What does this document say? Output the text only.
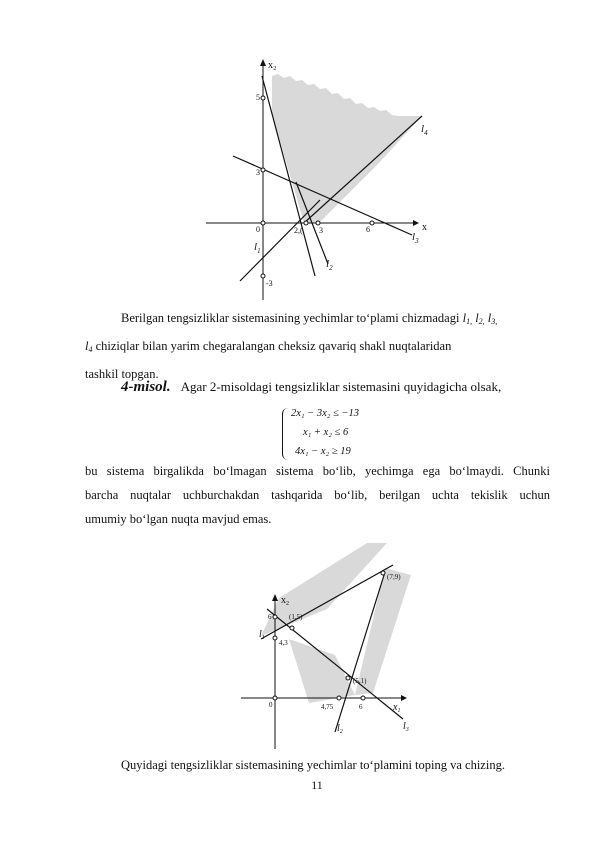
x₂
x
5
3
-3
0	2,( 3	6
$l_1$
$l_2$
$l_3$
$l_4$

Berilgan tengsizliklar sistemasining yechimlar to‘plami chizmadagi $l_{1,}$ $l_{2,}$ $l_{3,}$
$l_4$ chiziqlar bilan yarim chegaralangan cheksiz qavariq shakl nuqtalaridan
tashkil topgan.

4-misol. Agar 2-misoldagi tengsizliklar sistemasini quyidagicha olsak,
2x₁ − 3x₂ ≤ −13
x₁ + x₂ ≤ 6
4x₁ − x₂ ≥ 19

bu sistema birgalikda bo‘lmagan sistema bo‘lib, yechimga ega bo‘lmaydi. Chunki
barcha nuqtalar uchburchakdan tashqarida bo‘lib, berilgan uchta tekislik uchun
umumiy bo‘lgan nuqta mavjud emas.

$x_2$
$x_1$
6
4,3
0	4,75	6
(1,5)
(7;9)
(5,1)
$l_1$
$l_2$	$l_3$

Quyidagi tengsizliklar sistemasining yechimlar to‘plamini toping va chizing.

11
